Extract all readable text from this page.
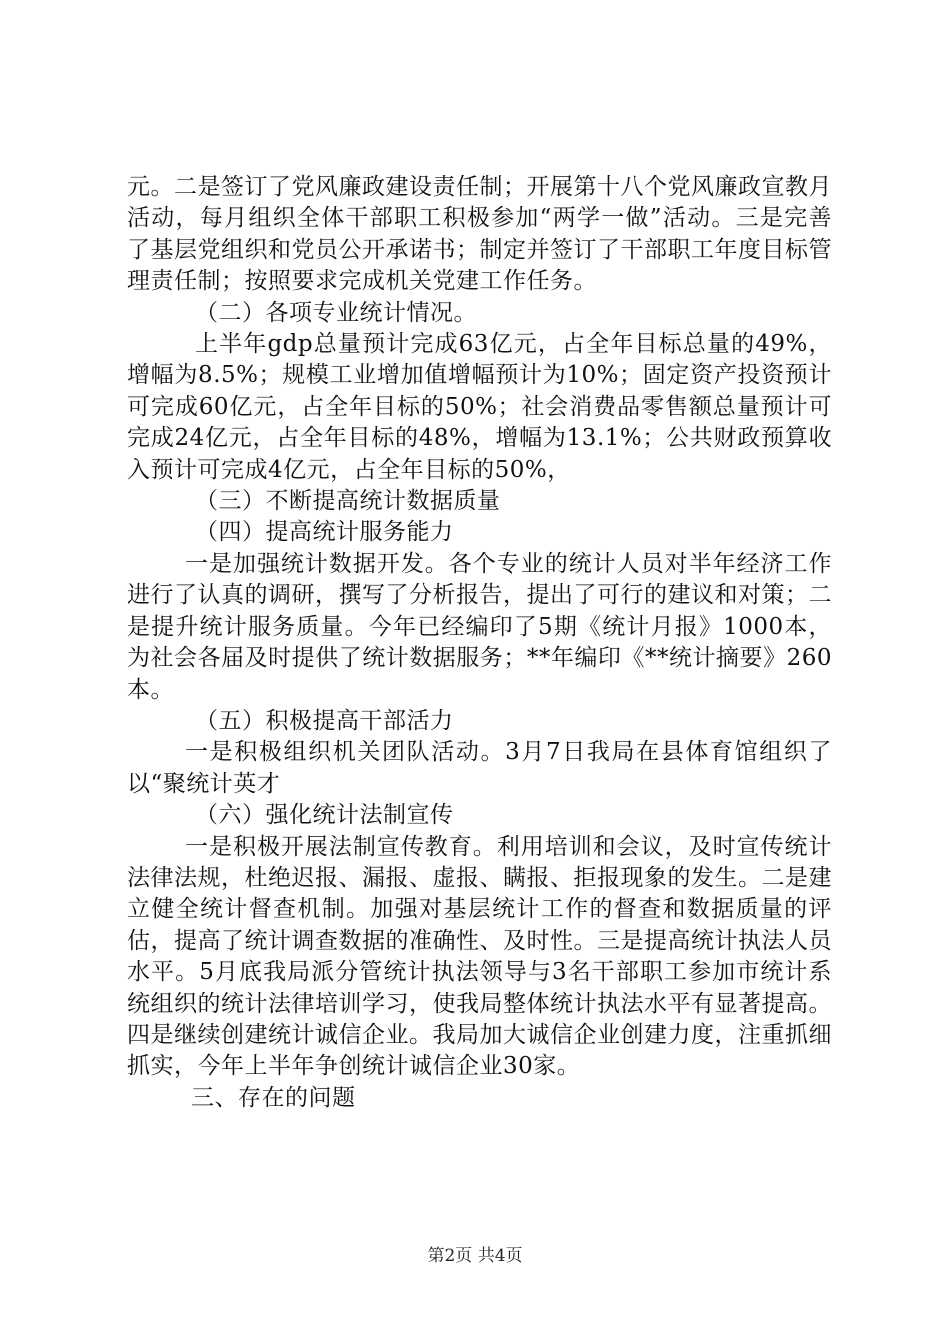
元。二是签订了党风廉政建设责任制；开展第十八个党风廉政宣教月活动，每月组织全体干部职工积极参加“两学一做”活动。三是完善了基层党组织和党员公开承诺书；制定并签订了干部职工年度目标管理责任制；按照要求完成机关党建工作任务。

（二）各项专业统计情况。

上半年gdp总量预计完成63亿元，占全年目标总量的49%，增幅为8.5%；规模工业增加值增幅预计为10%；固定资产投资预计可完成60亿元，占全年目标的50%；社会消费品零售额总量预计可完成24亿元，占全年目标的48%，增幅为13.1%；公共财政预算收入预计可完成4亿元，占全年目标的50%，

（三）不断提高统计数据质量

（四）提高统计服务能力

一是加强统计数据开发。各个专业的统计人员对半年经济工作进行了认真的调研，撰写了分析报告，提出了可行的建议和对策；二是提升统计服务质量。今年已经编印了5期《统计月报》1000本，为社会各届及时提供了统计数据服务；**年编印《**统计摘要》260本。

（五）积极提高干部活力

一是积极组织机关团队活动。3月7日我局在县体育馆组织了以“聚统计英才

（六）强化统计法制宣传

一是积极开展法制宣传教育。利用培训和会议，及时宣传统计法律法规，杜绝迟报、漏报、虚报、瞒报、拒报现象的发生。二是建立健全统计督查机制。加强对基层统计工作的督查和数据质量的评估，提高了统计调查数据的准确性、及时性。三是提高统计执法人员水平。5月底我局派分管统计执法领导与3名干部职工参加市统计系统组织的统计法律培训学习，使我局整体统计执法水平有显著提高。四是继续创建统计诚信企业。我局加大诚信企业创建力度，注重抓细抓实，今年上半年争创统计诚信企业30家。

三、存在的问题

第2页 共4页
